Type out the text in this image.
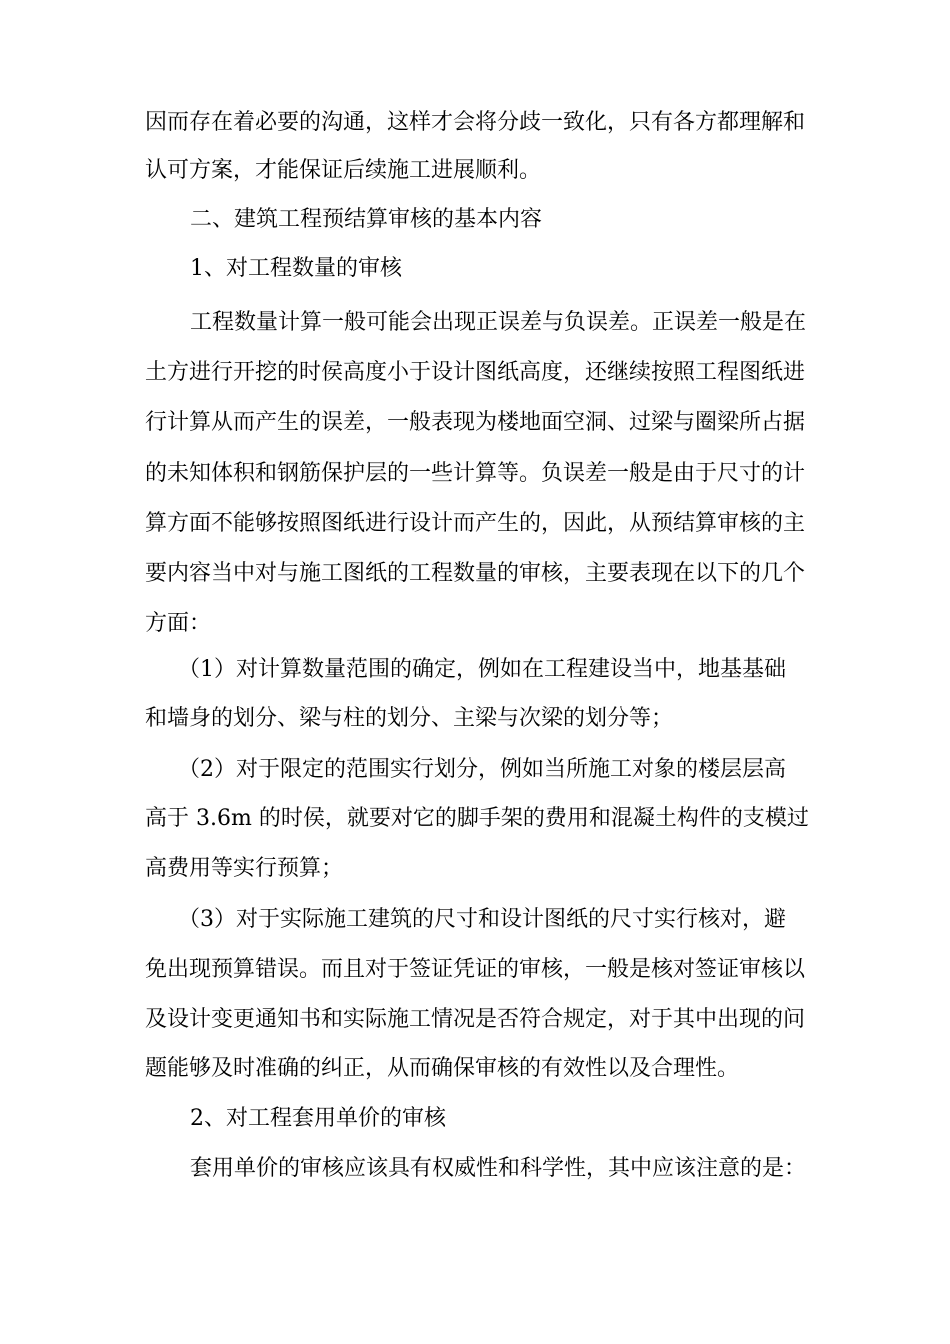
因而存在着必要的沟通，这样才会将分歧一致化，只有各方都理解和
认可方案，才能保证后续施工进展顺利。
二、建筑工程预结算审核的基本内容
1、对工程数量的审核
工程数量计算一般可能会出现正误差与负误差。正误差一般是在
土方进行开挖的时侯高度小于设计图纸高度，还继续按照工程图纸进
行计算从而产生的误差，一般表现为楼地面空洞、过梁与圈梁所占据
的未知体积和钢筋保护层的一些计算等。负误差一般是由于尺寸的计
算方面不能够按照图纸进行设计而产生的，因此，从预结算审核的主
要内容当中对与施工图纸的工程数量的审核，主要表现在以下的几个
方面：
（1）对计算数量范围的确定，例如在工程建设当中，地基基础
和墙身的划分、梁与柱的划分、主梁与次梁的划分等；
（2）对于限定的范围实行划分，例如当所施工对象的楼层层高
高于 3.6m 的时侯，就要对它的脚手架的费用和混凝土构件的支模过
高费用等实行预算；
（3）对于实际施工建筑的尺寸和设计图纸的尺寸实行核对，避
免出现预算错误。而且对于签证凭证的审核，一般是核对签证审核以
及设计变更通知书和实际施工情况是否符合规定，对于其中出现的问
题能够及时准确的纠正，从而确保审核的有效性以及合理性。
2、对工程套用单价的审核
套用单价的审核应该具有权威性和科学性，其中应该注意的是：
